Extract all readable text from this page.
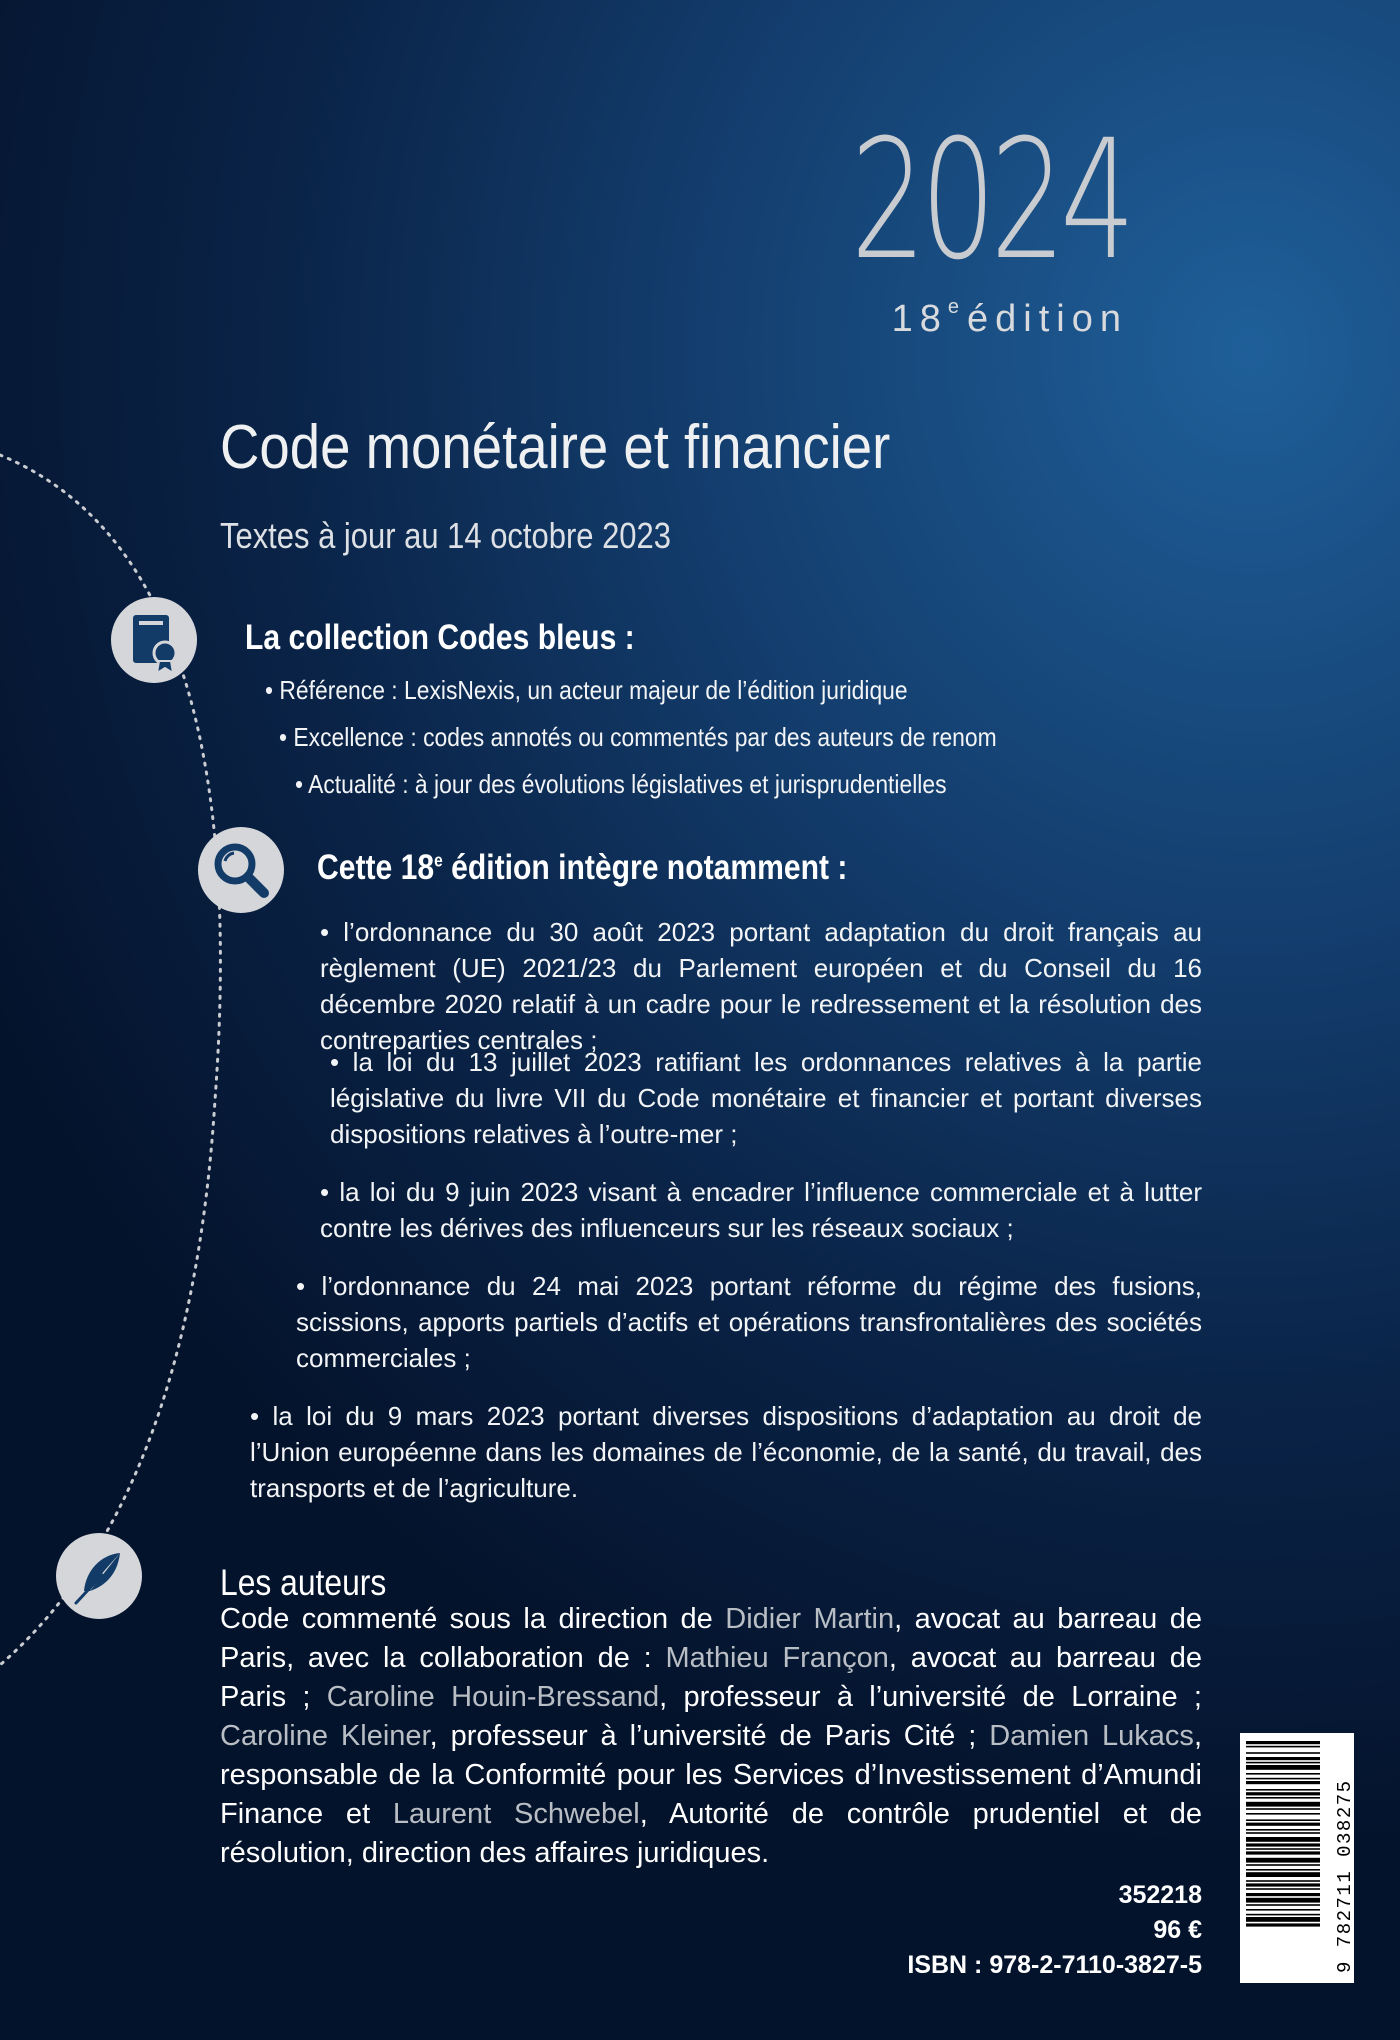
2024
18e édition
Code monétaire et financier
Textes à jour au 14 octobre 2023
La collection Codes bleus :
• Référence : LexisNexis, un acteur majeur de l’édition juridique
• Excellence : codes annotés ou commentés par des auteurs de renom
• Actualité : à jour des évolutions législatives et jurisprudentielles
Cette 18e édition intègre notamment :
• l’ordonnance du 30 août 2023 portant adaptation du droit français au règlement (UE) 2021/23 du Parlement européen et du Conseil du 16 décembre 2020 relatif à un cadre pour le redressement et la résolution des contreparties centrales ;
• la loi du 13 juillet 2023 ratifiant les ordonnances relatives à la partie législative du livre VII du Code monétaire et financier et portant diverses dispositions relatives à l’outre-mer ;
• la loi du 9 juin 2023 visant à encadrer l’influence commerciale et à lutter contre les dérives des influenceurs sur les réseaux sociaux ;
• l’ordonnance du 24 mai 2023 portant réforme du régime des fusions, scissions, apports partiels d’actifs et opérations transfrontalières des sociétés commerciales ;
• la loi du 9 mars 2023 portant diverses dispositions d’adaptation au droit de l’Union européenne dans les domaines de l’économie, de la santé, du travail, des transports et de l’agriculture.
Les auteurs
Code commenté sous la direction de Didier Martin, avocat au barreau de Paris, avec la collaboration de : Mathieu Françon, avocat au barreau de Paris ; Caroline Houin-Bressand, professeur à l’université de Lorraine ; Caroline Kleiner, professeur à l’université de Paris Cité ; Damien Lukacs, responsable de la Conformité pour les Services d’Investissement d’Amundi Finance et Laurent Schwebel, Autorité de contrôle prudentiel et de résolution, direction des affaires juridiques.
352218
96 €
ISBN : 978-2-7110-3827-5	9 782711 038275
